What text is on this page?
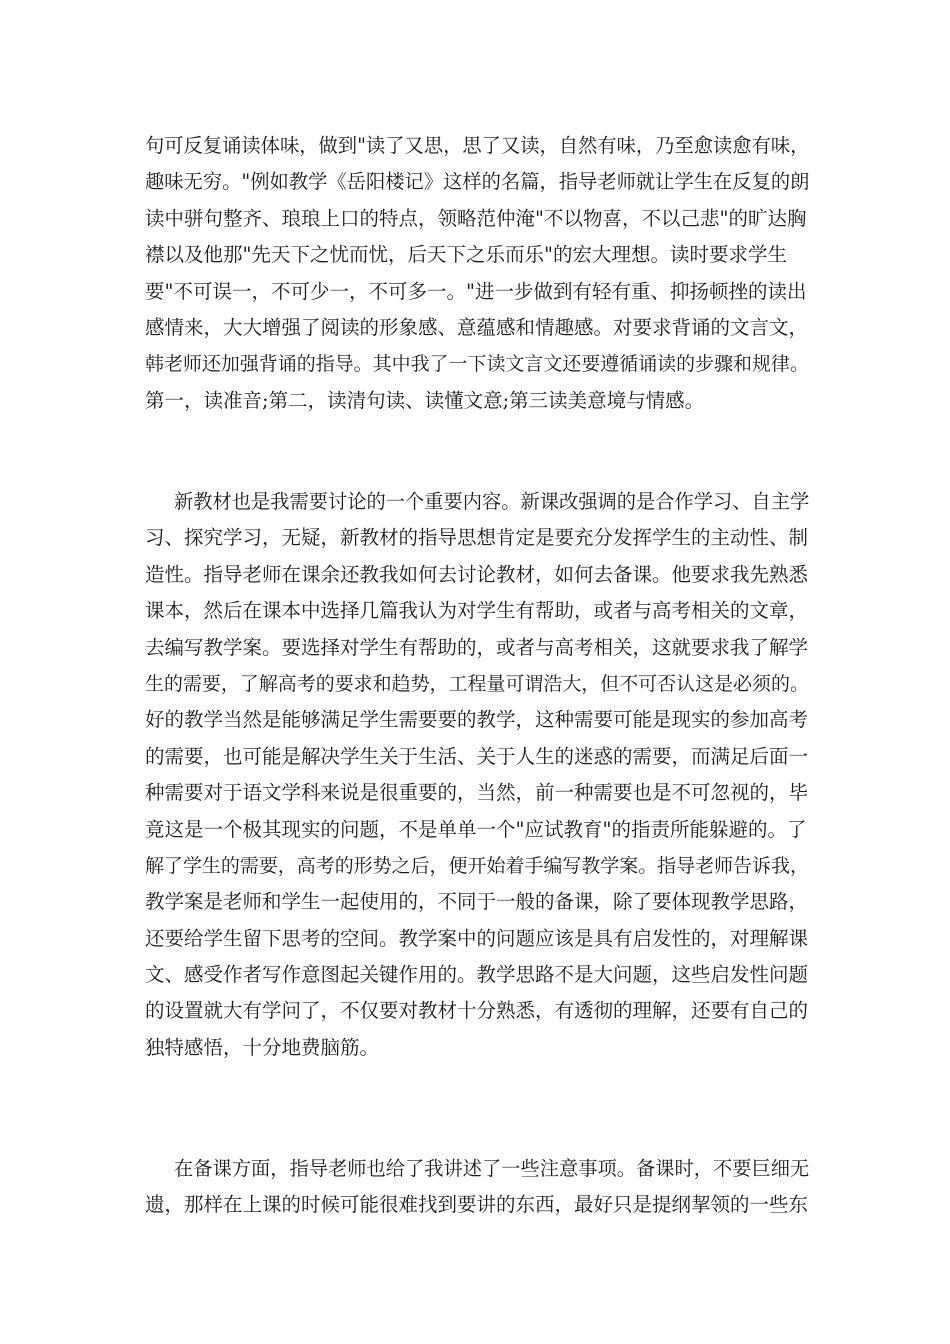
句可反复诵读体味，做到"读了又思，思了又读，自然有味，乃至愈读愈有味，
趣味无穷。"例如教学《岳阳楼记》这样的名篇，指导老师就让学生在反复的朗
读中骈句整齐、琅琅上口的特点，领略范仲淹"不以物喜，不以己悲"的旷达胸
襟以及他那"先天下之忧而忧，后天下之乐而乐"的宏大理想。读时要求学生
要"不可误一，不可少一，不可多一。"进一步做到有轻有重、抑扬顿挫的读出
感情来，大大增强了阅读的形象感、意蕴感和情趣感。对要求背诵的文言文，
韩老师还加强背诵的指导。其中我了一下读文言文还要遵循诵读的步骤和规律。
第一，读准音;第二，读清句读、读懂文意;第三读美意境与情感。
新教材也是我需要讨论的一个重要内容。新课改强调的是合作学习、自主学
习、探究学习，无疑，新教材的指导思想肯定是要充分发挥学生的主动性、制
造性。指导老师在课余还教我如何去讨论教材，如何去备课。他要求我先熟悉
课本，然后在课本中选择几篇我认为对学生有帮助，或者与高考相关的文章，
去编写教学案。要选择对学生有帮助的，或者与高考相关，这就要求我了解学
生的需要，了解高考的要求和趋势，工程量可谓浩大，但不可否认这是必须的。
好的教学当然是能够满足学生需要要的教学，这种需要可能是现实的参加高考
的需要，也可能是解决学生关于生活、关于人生的迷惑的需要，而满足后面一
种需要对于语文学科来说是很重要的，当然，前一种需要也是不可忽视的，毕
竟这是一个极其现实的问题，不是单单一个"应试教育"的指责所能躲避的。了
解了学生的需要，高考的形势之后，便开始着手编写教学案。指导老师告诉我，
教学案是老师和学生一起使用的，不同于一般的备课，除了要体现教学思路，
还要给学生留下思考的空间。教学案中的问题应该是具有启发性的，对理解课
文、感受作者写作意图起关键作用的。教学思路不是大问题，这些启发性问题
的设置就大有学问了，不仅要对教材十分熟悉，有透彻的理解，还要有自己的
独特感悟，十分地费脑筋。
在备课方面，指导老师也给了我讲述了一些注意事项。备课时，不要巨细无
遗，那样在上课的时候可能很难找到要讲的东西，最好只是提纲挈领的一些东
